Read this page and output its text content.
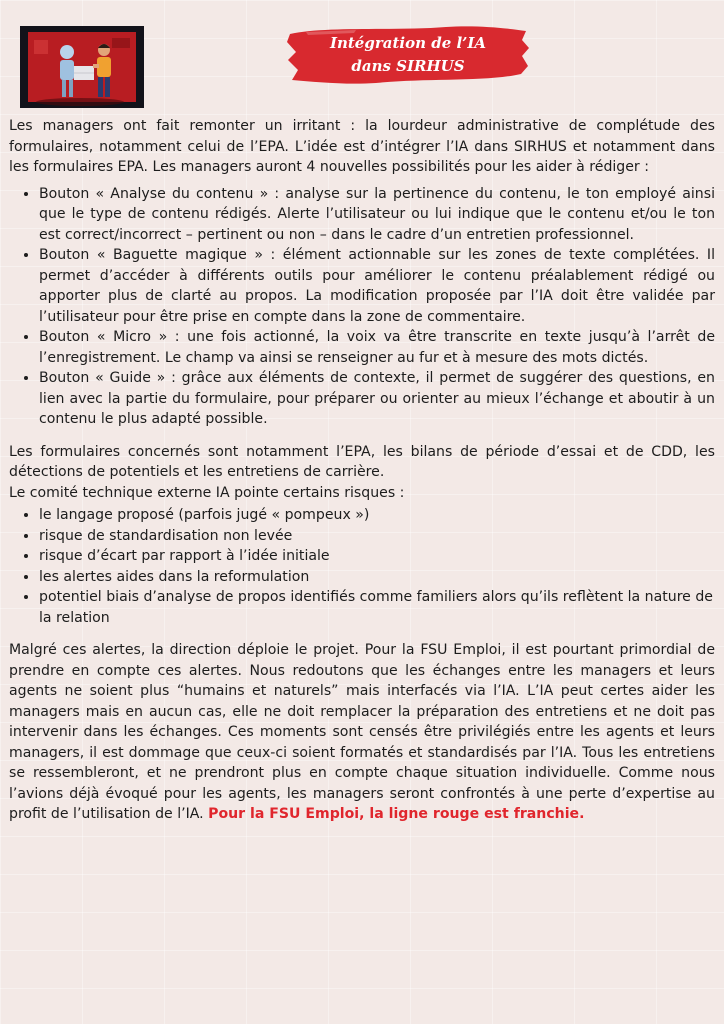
Intégration de l’IA
dans SIRHUS

Les managers ont fait remonter un irritant : la lourdeur administrative de complétude des formulaires, notamment celui de l’EPA. L’idée est d’intégrer l’IA dans SIRHUS et notamment dans les formulaires EPA. Les managers auront 4 nouvelles possibilités pour les aider à rédiger :

• Bouton « Analyse du contenu » : analyse sur la pertinence du contenu, le ton employé ainsi que le type de contenu rédigés. Alerte l’utilisateur ou lui indique que le contenu et/ou le ton est correct/incorrect – pertinent ou non – dans le cadre d’un entretien professionnel.
• Bouton « Baguette magique » : élément actionnable sur les zones de texte complétées. Il permet d’accéder à différents outils pour améliorer le contenu préalablement rédigé ou apporter plus de clarté au propos. La modification proposée par l’IA doit être validée par l’utilisateur pour être prise en compte dans la zone de commentaire.
• Bouton « Micro » : une fois actionné, la voix va être transcrite en texte jusqu’à l’arrêt de l’enregistrement. Le champ va ainsi se renseigner au fur et à mesure des mots dictés.
• Bouton « Guide » : grâce aux éléments de contexte, il permet de suggérer des questions, en lien avec la partie du formulaire, pour préparer ou orienter au mieux l’échange et aboutir à un contenu le plus adapté possible.

Les formulaires concernés sont notamment l’EPA, les bilans de période d’essai et de CDD, les détections de potentiels et les entretiens de carrière.

Le comité technique externe IA pointe certains risques :

• le langage proposé (parfois jugé « pompeux »)
• risque de standardisation non levée
• risque d’écart par rapport à l’idée initiale
• les alertes aides dans la reformulation
• potentiel biais d’analyse de propos identifiés comme familiers alors qu’ils reflètent la nature de la relation

Malgré ces alertes, la direction déploie le projet. Pour la FSU Emploi, il est pourtant primordial de prendre en compte ces alertes. Nous redoutons que les échanges entre les managers et leurs agents ne soient plus “humains et naturels” mais interfacés via l’IA. L’IA peut certes aider les managers mais en aucun cas, elle ne doit remplacer la préparation des entretiens et ne doit pas intervenir dans les échanges. Ces moments sont censés être privilégiés entre les agents et leurs managers, il est dommage que ceux-ci soient formatés et standardisés par l’IA. Tous les entretiens se ressembleront, et ne prendront plus en compte chaque situation individuelle. Comme nous l’avions déjà évoqué pour les agents, les managers seront confrontés à une perte d’expertise au profit de l’utilisation de l’IA. Pour la FSU Emploi, la ligne rouge est franchie.
